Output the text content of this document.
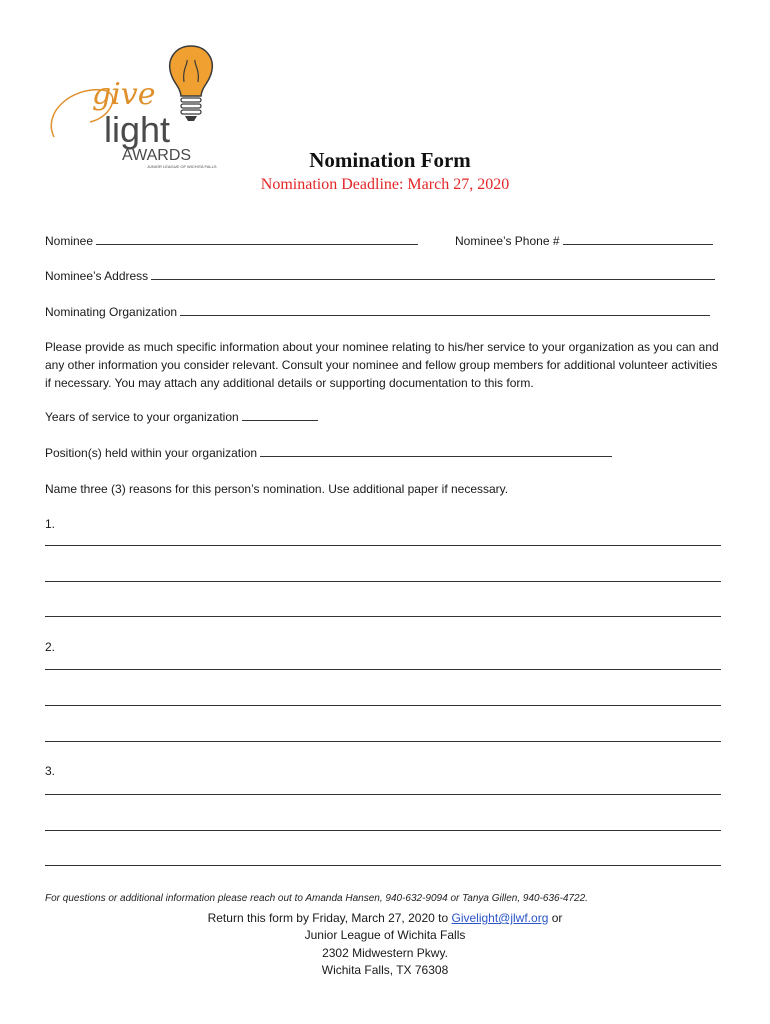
give
light
AWARDS
JUNIOR LEAGUE OF WICHITA FALLS	Nomination Form
Nomination Deadline: March 27, 2020
Nominee	Nominee’s Phone #
Nominee’s Address
Nominating Organization
Please provide as much specific information about your nominee relating to his/her service to your organization as you can and any other information you consider relevant. Consult your nominee and fellow group members for additional volunteer activities if necessary. You may attach any additional details or supporting documentation to this form.
Years of service to your organization
Position(s) held within your organization
Name three (3) reasons for this person’s nomination. Use additional paper if necessary.
1.
2.
3.
For questions or additional information please reach out to Amanda Hansen, 940-632-9094 or Tanya Gillen, 940-636-4722.
Return this form by Friday, March 27, 2020 to Givelight@jlwf.org or
Junior League of Wichita Falls
2302 Midwestern Pkwy.
Wichita Falls, TX 76308
